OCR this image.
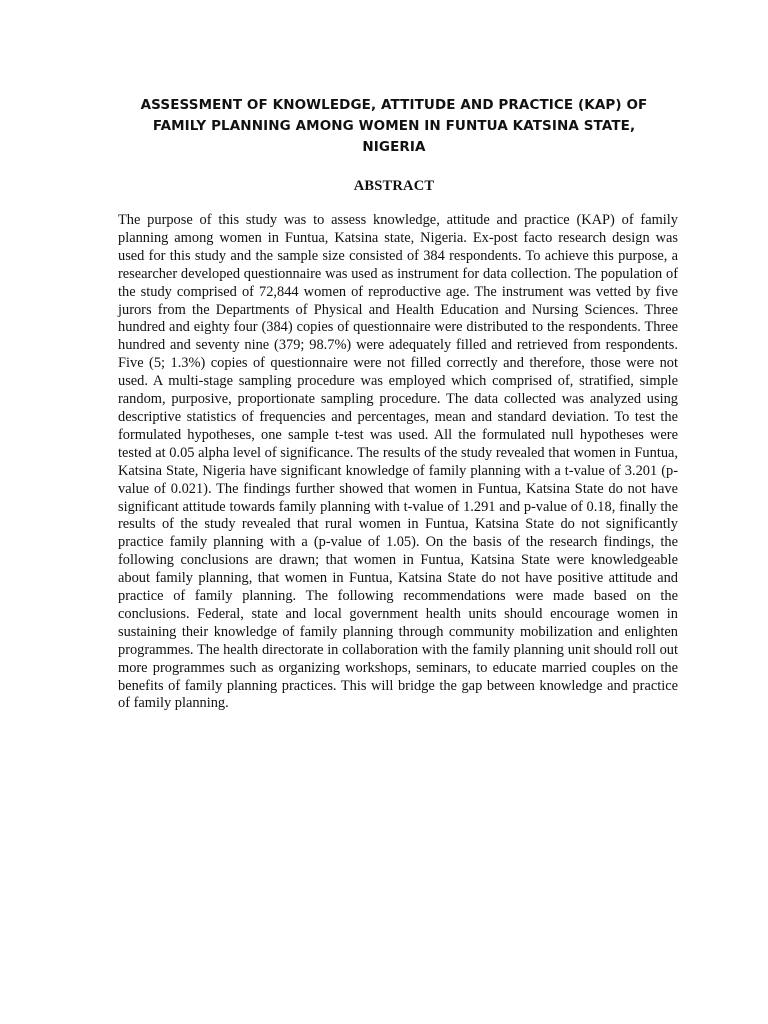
ASSESSMENT OF KNOWLEDGE, ATTITUDE AND PRACTICE (KAP) OF
FAMILY PLANNING AMONG WOMEN IN FUNTUA KATSINA STATE,
NIGERIA
ABSTRACT

The purpose of this study was to assess knowledge, attitude and practice (KAP) of family planning among women in Funtua, Katsina state, Nigeria. Ex-post facto research design was used for this study and the sample size consisted of 384 respondents. To achieve this purpose, a researcher developed questionnaire was used as instrument for data collection. The population of the study comprised of 72,844 women of reproductive age. The instrument was vetted by five jurors from the Departments of Physical and Health Education and Nursing Sciences. Three hundred and eighty four (384) copies of questionnaire were distributed to the respondents. Three hundred and seventy nine (379; 98.7%) were adequately filled and retrieved from respondents. Five (5; 1.3%) copies of questionnaire were not filled correctly and therefore, those were not used. A multi-stage sampling procedure was employed which comprised of, stratified, simple random, purposive, proportionate sampling procedure. The data collected was analyzed using descriptive statistics of frequencies and percentages, mean and standard deviation. To test the formulated hypotheses, one sample t-test was used. All the formulated null hypotheses were tested at 0.05 alpha level of significance. The results of the study revealed that women in Funtua, Katsina State, Nigeria have significant knowledge of family planning with a t-value of 3.201 (p-value of 0.021). The findings further showed that women in Funtua, Katsina State do not have significant attitude towards family planning with t-value of 1.291 and p-value of 0.18, finally the results of the study revealed that rural women in Funtua, Katsina State do not significantly practice family planning with a (p-value of 1.05). On the basis of the research findings, the following conclusions are drawn; that women in Funtua, Katsina State were knowledgeable about family planning, that women in Funtua, Katsina State do not have positive attitude and practice of family planning. The following recommendations were made based on the conclusions. Federal, state and local government health units should encourage women in sustaining their knowledge of family planning through community mobilization and enlighten programmes. The health directorate in collaboration with the family planning unit should roll out more programmes such as organizing workshops, seminars, to educate married couples on the benefits of family planning practices. This will bridge the gap between knowledge and practice of family planning.
